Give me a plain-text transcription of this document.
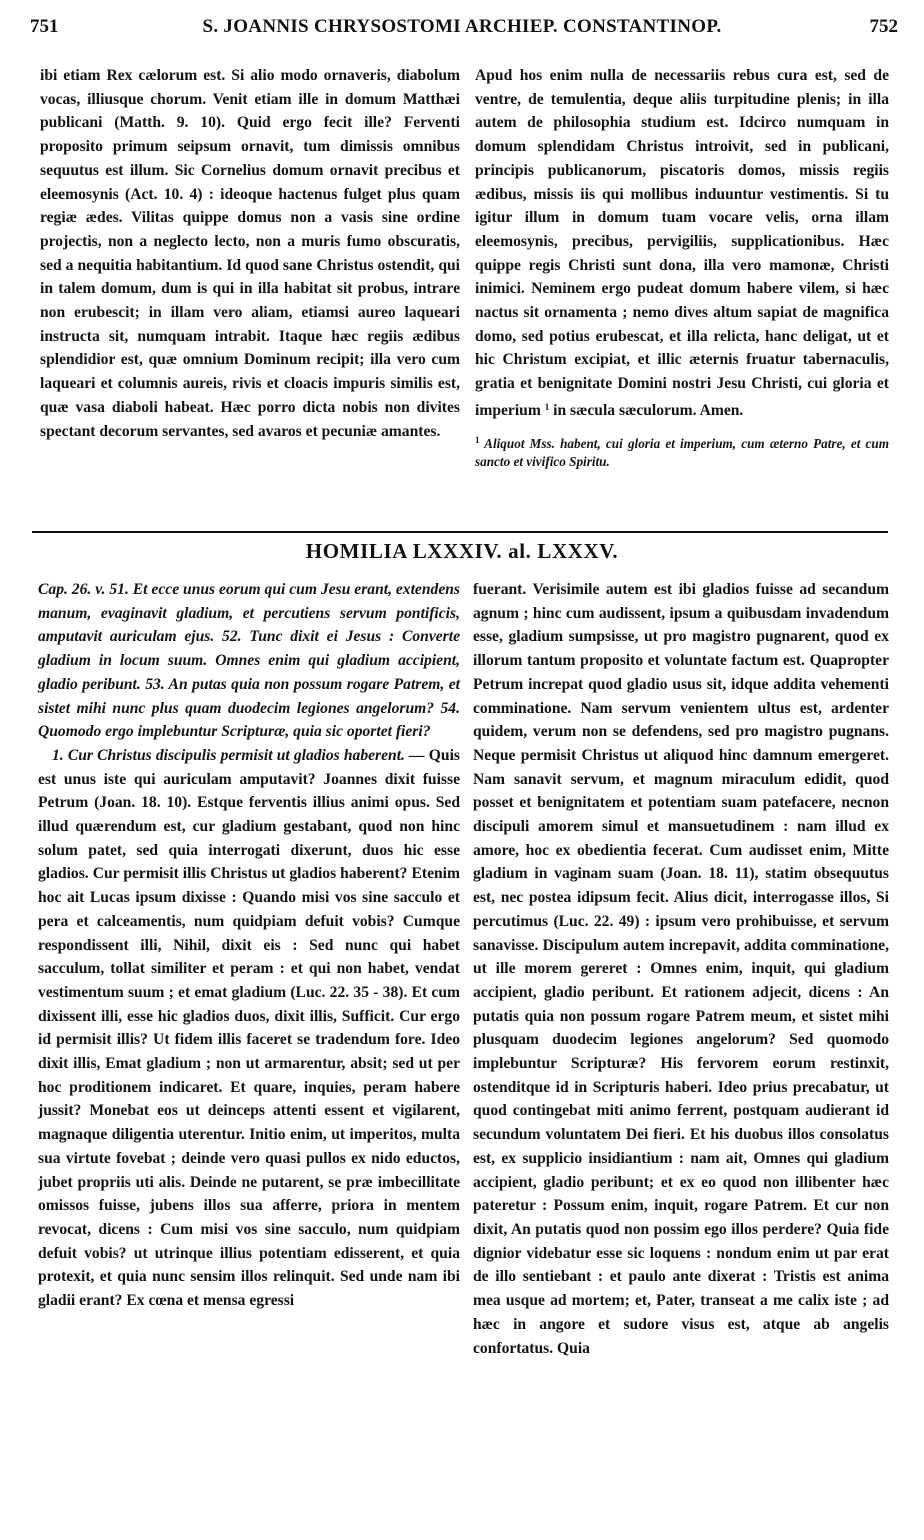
751	S. JOANNIS CHRYSOSTOMI ARCHIEP. CONSTANTINOP.	752

ibi etiam Rex cælorum est. Si alio modo ornaveris, diabolum vocas, illiusque chorum. Venit etiam ille in domum Matthæi publicani (Matth. 9. 10). Quid ergo fecit ille? Ferventi proposito primum seipsum ornavit, tum dimissis omnibus sequutus est illum. Sic Cornelius domum ornavit precibus et eleemosynis (Act. 10. 4) : ideoque hactenus fulget plus quam regiæ ædes. Vilitas quippe domus non a vasis sine ordine projectis, non a neglecto lecto, non a muris fumo obscuratis, sed a nequitia habitantium. Id quod sane Christus ostendit, qui in talem domum, dum is qui in illa habitat sit probus, intrare non erubescit; in illam vero aliam, etiamsi aureo laqueari instructa sit, numquam intrabit. Itaque hæc regiis ædibus splendidior est, quæ omnium Dominum recipit; illa vero cum laqueari et columnis aureis, rivis et cloacis impuris similis est, quæ vasa diaboli habeat. Hæc porro dicta nobis non divites spectant decorum servantes, sed avaros et pecuniæ amantes.

Apud hos enim nulla de necessariis rebus cura est, sed de ventre, de temulentia, deque aliis turpitudine plenis; in illa autem de philosophia studium est. Idcirco numquam in domum splendidam Christus introivit, sed in publicani, principis publicanorum, piscatoris domos, missis regiis ædibus, missis iis qui mollibus induuntur vestimentis. Si tu igitur illum in domum tuam vocare velis, orna illam eleemosynis, precibus, pervigiliis, supplicationibus. Hæc quippe regis Christi sunt dona, illa vero mamonæ, Christi inimici. Neminem ergo pudeat domum habere vilem, si hæc nactus sit ornamenta ; nemo dives altum sapiat de magnifica domo, sed potius erubescat, et illa relicta, hanc deligat, ut et hic Christum excipiat, et illic æternis fruatur tabernaculis, gratia et benignitate Domini nostri Jesu Christi, cui gloria et imperium $^1$ in sæcula sæculorum. Amen.

$^1$ Aliquot Mss. habent, cui gloria et imperium, cum æterno Patre, et cum sancto et vivifico Spiritu.

HOMILIA LXXXIV. al. LXXXV.

Cap. 26. v. 51. Et ecce unus eorum qui cum Jesu erant, extendens manum, evaginavit gladium, et percutiens servum pontificis, amputavit auriculam ejus. 52. Tunc dixit ei Jesus : Converte gladium in locum suum. Omnes enim qui gladium accipient, gladio peribunt. 53. An putas quia non possum rogare Patrem, et sistet mihi nunc plus quam duodecim legiones angelorum? 54. Quomodo ergo implebuntur Scripturæ, quia sic oportet fieri?

1. Cur Christus discipulis permisit ut gladios haberent. — Quis est unus iste qui auriculam amputavit? Joannes dixit fuisse Petrum (Joan. 18. 10). Estque ferventis illius animi opus. Sed illud quærendum est, cur gladium gestabant, quod non hinc solum patet, sed quia interrogati dixerunt, duos hic esse gladios. Cur permisit illis Christus ut gladios haberent? Etenim hoc ait Lucas ipsum dixisse : Quando misi vos sine sacculo et pera et calceamentis, num quidpiam defuit vobis? Cumque respondissent illi, Nihil, dixit eis : Sed nunc qui habet sacculum, tollat similiter et peram : et qui non habet, vendat vestimentum suum ; et emat gladium (Luc. 22. 35 - 38). Et cum dixissent illi, esse hic gladios duos, dixit illis, Sufficit. Cur ergo id permisit illis? Ut fidem illis faceret se tradendum fore. Ideo dixit illis, Emat gladium ; non ut armarentur, absit; sed ut per hoc proditionem indicaret. Et quare, inquies, peram habere jussit? Monebat eos ut deinceps attenti essent et vigilarent, magnaque diligentia uterentur. Initio enim, ut imperitos, multa sua virtute fovebat ; deinde vero quasi pullos ex nido eductos, jubet propriis uti alis. Deinde ne putarent, se præ imbecillitate omissos fuisse, jubens illos sua afferre, priora in mentem revocat, dicens : Cum misi vos sine sacculo, num quidpiam defuit vobis? ut utrinque illius potentiam edisserent, et quia protexit, et quia nunc sensim illos relinquit. Sed unde nam ibi gladii erant? Ex cœna et mensa egressi

fuerant. Verisimile autem est ibi gladios fuisse ad secandum agnum ; hinc cum audissent, ipsum a quibusdam invadendum esse, gladium sumpsisse, ut pro magistro pugnarent, quod ex illorum tantum proposito et voluntate factum est. Quapropter Petrum increpat quod gladio usus sit, idque addita vehementi comminatione. Nam servum venientem ultus est, ardenter quidem, verum non se defendens, sed pro magistro pugnans. Neque permisit Christus ut aliquod hinc damnum emergeret. Nam sanavit servum, et magnum miraculum edidit, quod posset et benignitatem et potentiam suam patefacere, necnon discipuli amorem simul et mansuetudinem : nam illud ex amore, hoc ex obedientia fecerat. Cum audisset enim, Mitte gladium in vaginam suam (Joan. 18. 11), statim obsequutus est, nec postea idipsum fecit. Alius dicit, interrogasse illos, Si percutimus (Luc. 22. 49) : ipsum vero prohibuisse, et servum sanavisse. Discipulum autem increpavit, addita comminatione, ut ille morem gereret : Omnes enim, inquit, qui gladium accipient, gladio peribunt. Et rationem adjecit, dicens : An putatis quia non possum rogare Patrem meum, et sistet mihi plusquam duodecim legiones angelorum? Sed quomodo implebuntur Scripturæ? His fervorem eorum restinxit, ostenditque id in Scripturis haberi. Ideo prius precabatur, ut quod contingebat miti animo ferrent, postquam audierant id secundum voluntatem Dei fieri. Et his duobus illos consolatus est, ex supplicio insidiantium : nam ait, Omnes qui gladium accipient, gladio peribunt; et ex eo quod non illibenter hæc pateretur : Possum enim, inquit, rogare Patrem. Et cur non dixit, An putatis quod non possim ego illos perdere? Quia fide dignior videbatur esse sic loquens : nondum enim ut par erat de illo sentiebant : et paulo ante dixerat : Tristis est anima mea usque ad mortem; et, Pater, transeat a me calix iste ; ad hæc in angore et sudore visus est, atque ab angelis confortatus. Quia
